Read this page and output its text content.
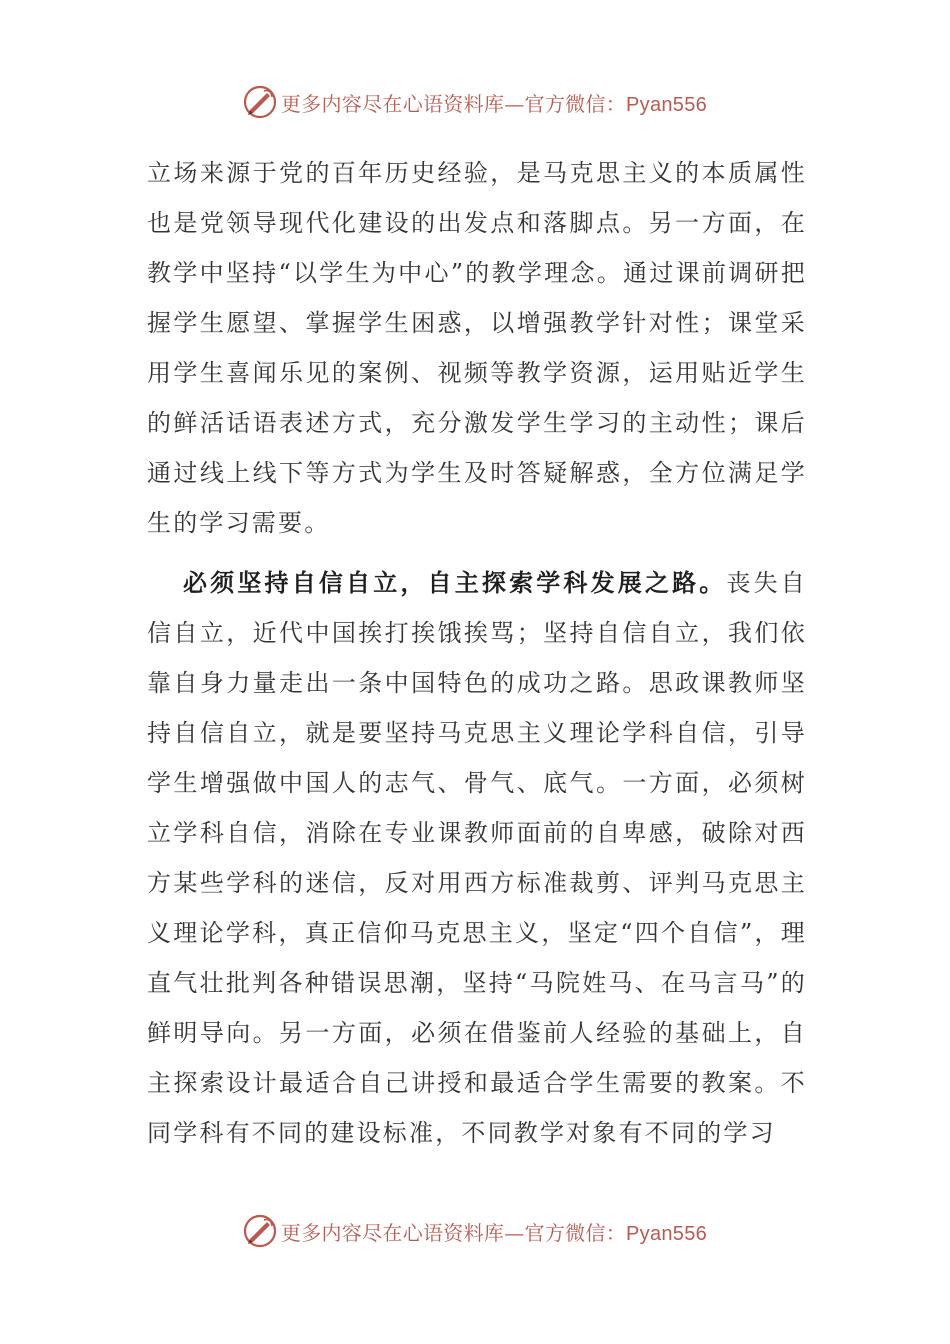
更多内容尽在心语资料库—官方微信：Pyan556

立场来源于党的百年历史经验，是马克思主义的本质属性也是党领导现代化建设的出发点和落脚点。另一方面，在教学中坚持“以学生为中心”的教学理念。通过课前调研把握学生愿望、掌握学生困惑，以增强教学针对性；课堂采用学生喜闻乐见的案例、视频等教学资源，运用贴近学生的鲜活话语表述方式，充分激发学生学习的主动性；课后通过线上线下等方式为学生及时答疑解惑，全方位满足学生的学习需要。

必须坚持自信自立，自主探索学科发展之路。丧失自信自立，近代中国挨打挨饿挨骂；坚持自信自立，我们依靠自身力量走出一条中国特色的成功之路。思政课教师坚持自信自立，就是要坚持马克思主义理论学科自信，引导学生增强做中国人的志气、骨气、底气。一方面，必须树立学科自信，消除在专业课教师面前的自卑感，破除对西方某些学科的迷信，反对用西方标准裁剪、评判马克思主义理论学科，真正信仰马克思主义，坚定“四个自信”，理直气壮批判各种错误思潮，坚持“马院姓马、在马言马”的鲜明导向。另一方面，必须在借鉴前人经验的基础上，自主探索设计最适合自己讲授和最适合学生需要的教案。不同学科有不同的建设标准，不同教学对象有不同的学习

更多内容尽在心语资料库—官方微信：Pyan556
